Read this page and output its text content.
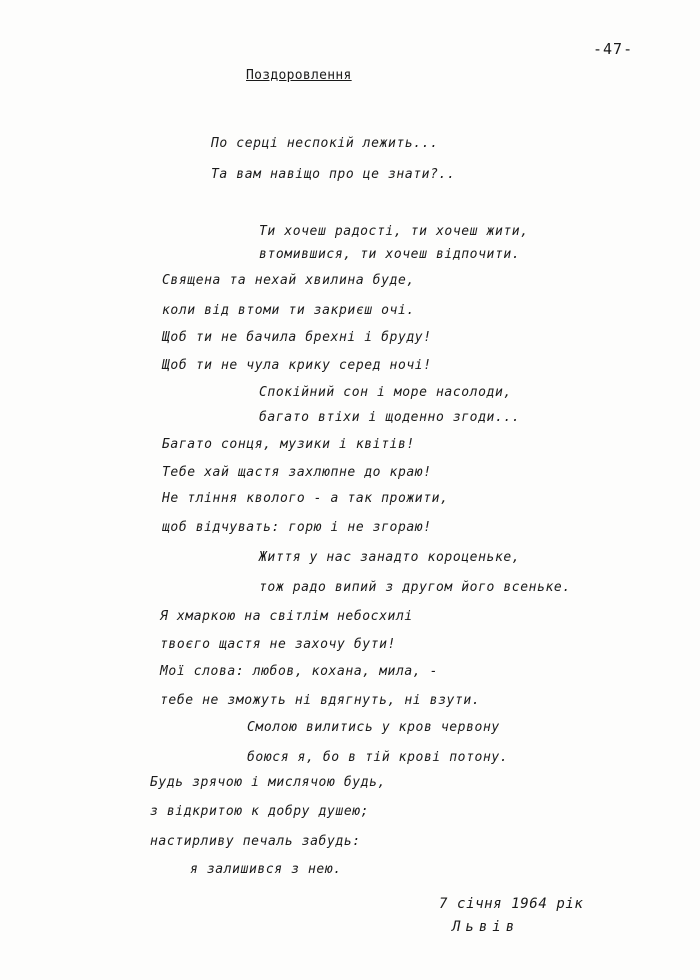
-47-
Поздоровлення
По серці неспокій лежить...
Та вам навіщо про це знати?..
Ти хочеш радості, ти хочеш жити,
втомившися, ти хочеш відпочити.
Священа та нехай хвилина буде,
коли від втоми ти закриєш очі.
Щоб ти не бачила брехні і бруду!
Щоб ти не чула крику серед ночі!
Спокійний сон і море насолоди,
багато втіхи і щоденно згоди...
Багато сонця, музики і квітів!
Тебе хай щастя захлюпне до краю!
Не тління кволого - а так прожити,
щоб відчувать: горю і не згораю!
Життя у нас занадто короценьке,
тож радо випий з другом його всеньке.
Я хмаркою на світлім небосхилі
твоєго щастя не захочу бути!
Мої слова: любов, кохана, мила, -
тебе не зможуть ні вдягнуть, ні взути.
Смолою вилитись у кров червону
боюся я, бо в тій крові потону.
Будь зрячою і мислячою будь,
з відкритою к добру душею;
настирливу печаль забудь:
я залишився з нею.
7 січня 1964 рік
Львів
